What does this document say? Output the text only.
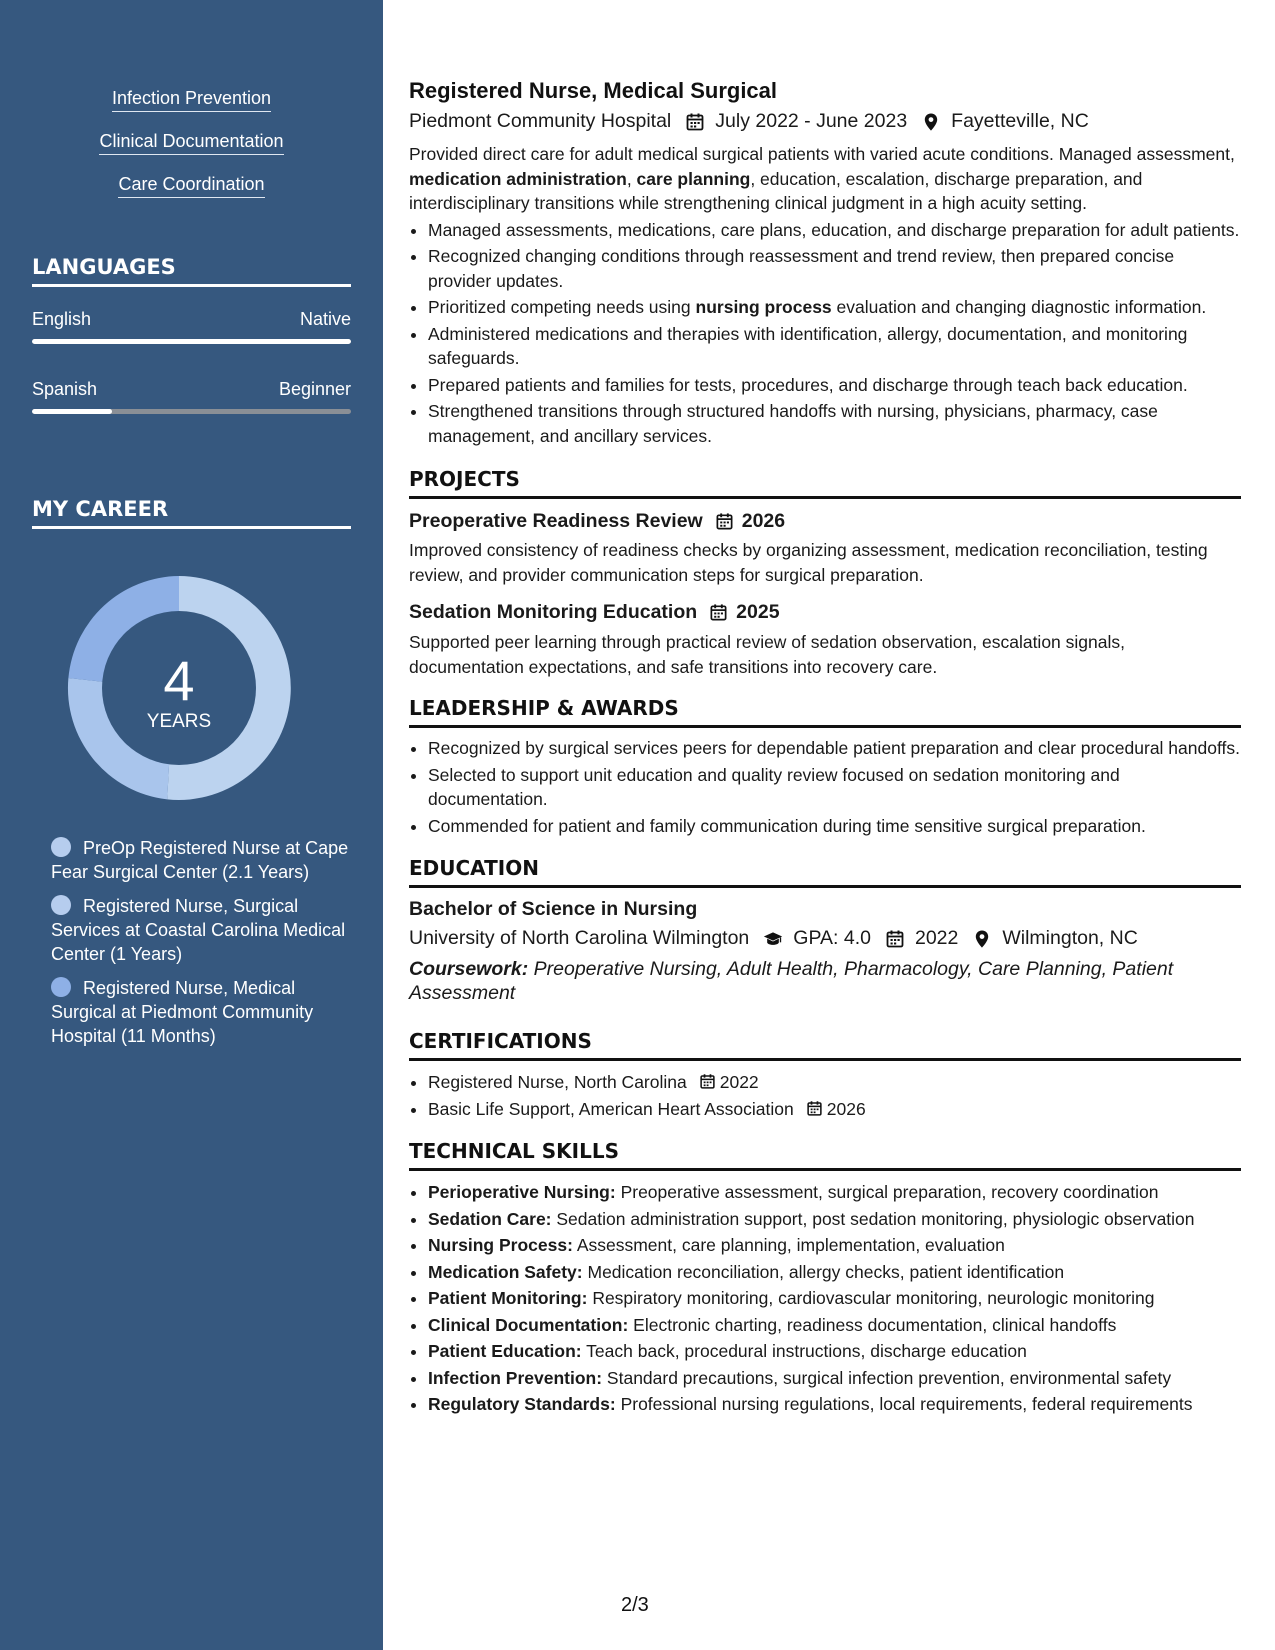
Infection Prevention
Clinical Documentation
Care Coordination
LANGUAGES
English	Native
Spanish	Beginner
MY CAREER
4
YEARS
PreOp Registered Nurse at Cape Fear Surgical Center (2.1 Years)
Registered Nurse, Surgical Services at Coastal Carolina Medical Center (1 Years)
Registered Nurse, Medical Surgical at Piedmont Community Hospital (11 Months)
Registered Nurse, Medical Surgical
Piedmont Community Hospital July 2022 - June 2023 Fayetteville, NC

Provided direct care for adult medical surgical patients with varied acute conditions. Managed assessment, medication administration, care planning, education, escalation, discharge preparation, and interdisciplinary transitions while strengthening clinical judgment in a high acuity setting.

• Managed assessments, medications, care plans, education, and discharge preparation for adult patients.
• Recognized changing conditions through reassessment and trend review, then prepared concise provider updates.
• Prioritized competing needs using nursing process evaluation and changing diagnostic information.
• Administered medications and therapies with identification, allergy, documentation, and monitoring safeguards.
• Prepared patients and families for tests, procedures, and discharge through teach back education.
• Strengthened transitions through structured handoffs with nursing, physicians, pharmacy, case management, and ancillary services.
PROJECTS
Preoperative Readiness Review 2026

Improved consistency of readiness checks by organizing assessment, medication reconciliation, testing review, and provider communication steps for surgical preparation.

Sedation Monitoring Education 2025

Supported peer learning through practical review of sedation observation, escalation signals, documentation expectations, and safe transitions into recovery care.

LEADERSHIP & AWARDS
• Recognized by surgical services peers for dependable patient preparation and clear procedural handoffs.
• Selected to support unit education and quality review focused on sedation monitoring and documentation.
• Commended for patient and family communication during time sensitive surgical preparation.
EDUCATION
Bachelor of Science in Nursing
University of North Carolina Wilmington GPA: 4.0 2022 Wilmington, NC

Coursework: Preoperative Nursing, Adult Health, Pharmacology, Care Planning, Patient Assessment

CERTIFICATIONS
• Registered Nurse, North Carolina 2022
• Basic Life Support, American Heart Association 2026
TECHNICAL SKILLS
• Perioperative Nursing: Preoperative assessment, surgical preparation, recovery coordination
• Sedation Care: Sedation administration support, post sedation monitoring, physiologic observation
• Nursing Process: Assessment, care planning, implementation, evaluation
• Medication Safety: Medication reconciliation, allergy checks, patient identification
• Patient Monitoring: Respiratory monitoring, cardiovascular monitoring, neurologic monitoring
• Clinical Documentation: Electronic charting, readiness documentation, clinical handoffs
• Patient Education: Teach back, procedural instructions, discharge education
• Infection Prevention: Standard precautions, surgical infection prevention, environmental safety
• Regulatory Standards: Professional nursing regulations, local requirements, federal requirements
2/3
